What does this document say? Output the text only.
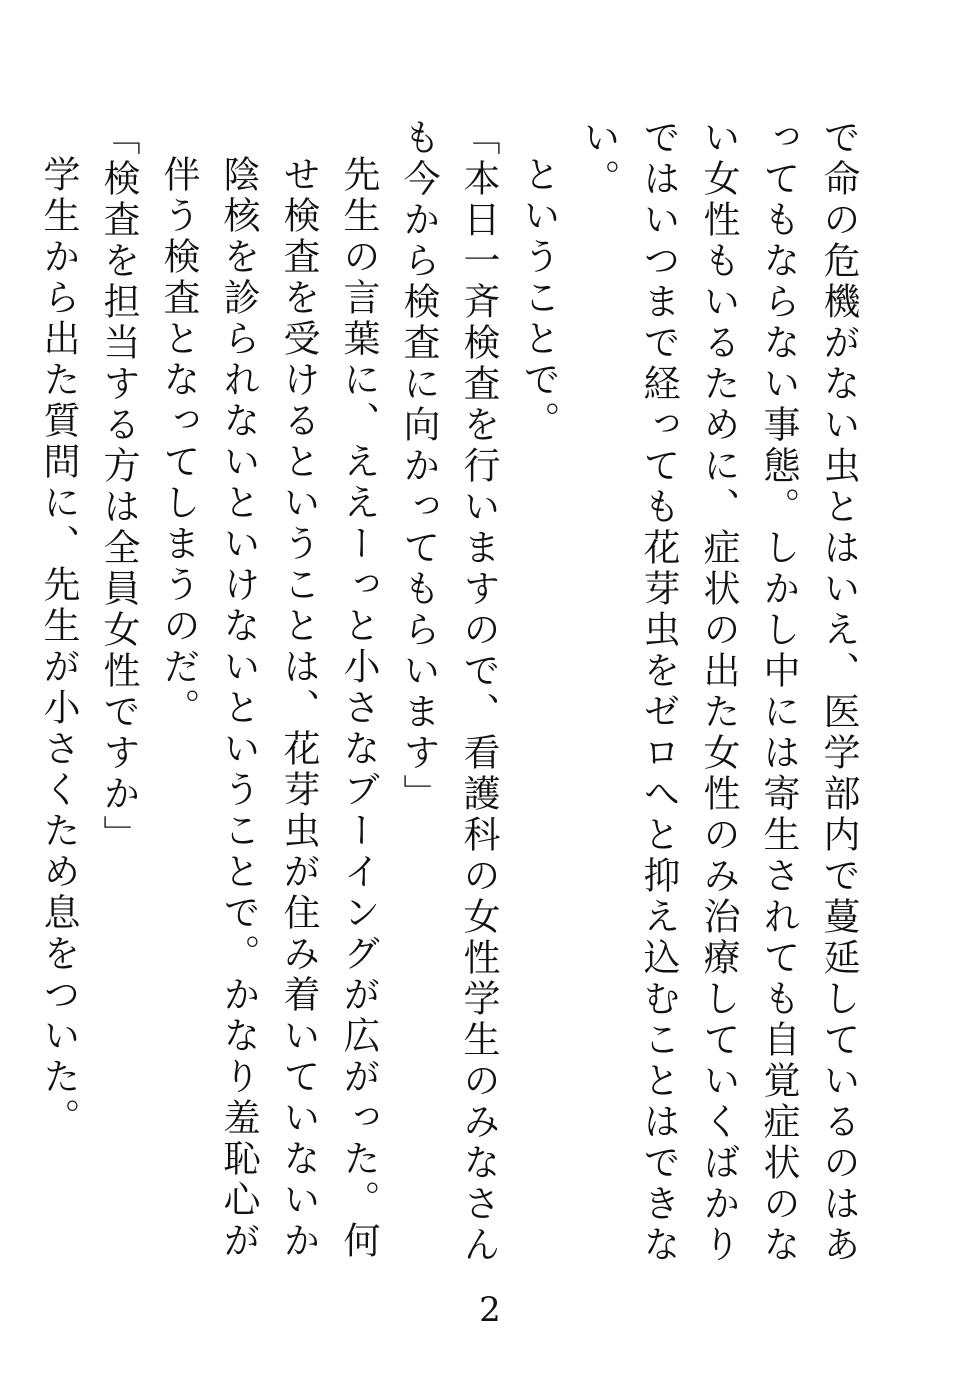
で命の危機がない虫とはいえ、医学部内で蔓延しているのはあってもならない事態。しかし中には寄生されても自覚症状のない女性もいるために、症状の出た女性のみ治療していくばかりではいつまで経っても花芽虫をゼロへと抑え込むことはできない。

ということで。

「本日一斉検査を行いますので、看護科の女性学生のみなさんも今から検査に向かってもらいます」

先生の言葉に、ええーっと小さなブーイングが広がった。何せ検査を受けるということは、花芽虫が住み着いていないか陰核を診られないといけないということで。かなり羞恥心が伴う検査となってしまうのだ。

「検査を担当する方は全員女性ですか」

学生から出た質問に、先生が小さくため息をついた。

2
